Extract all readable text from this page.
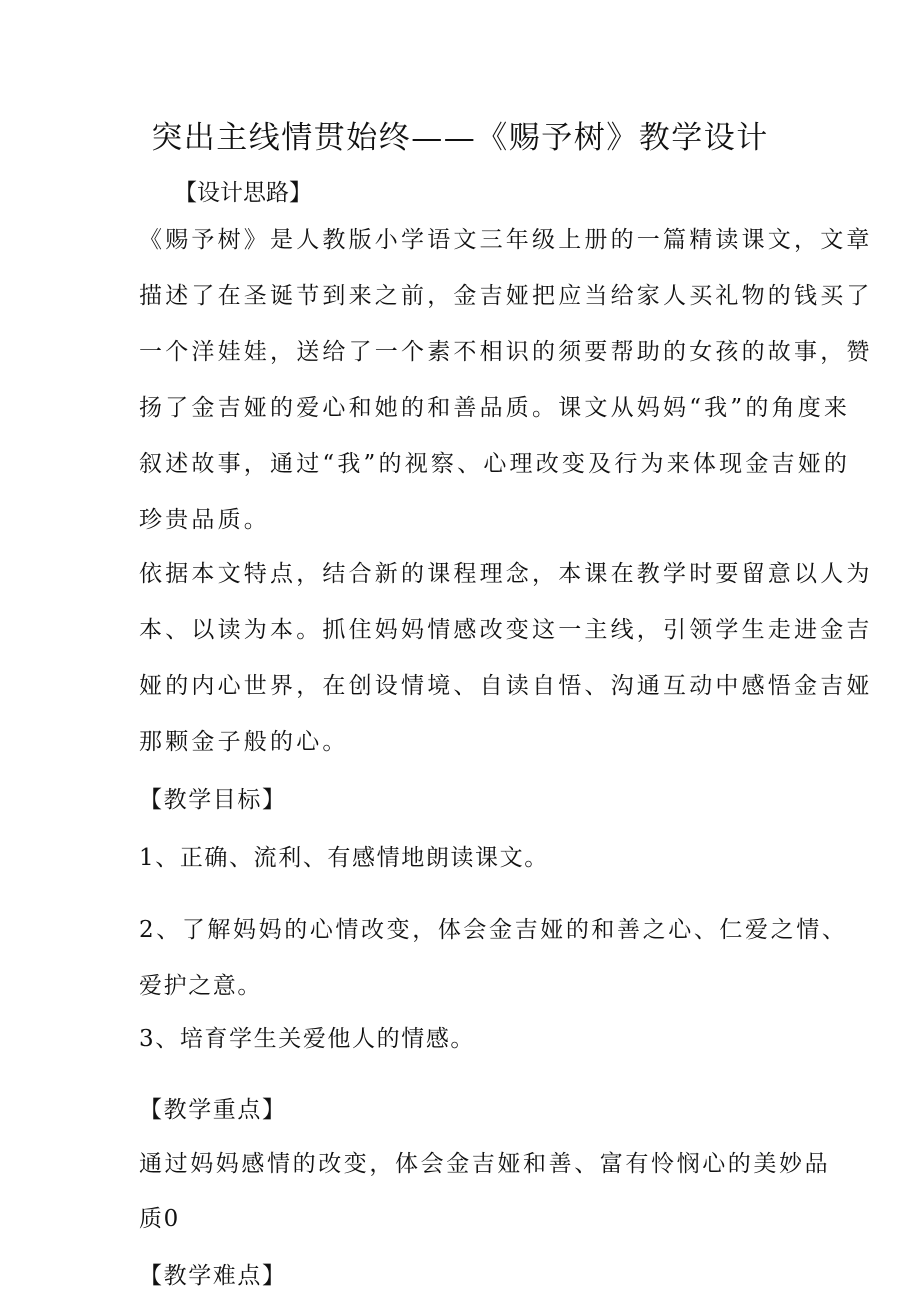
突出主线情贯始终——《赐予树》教学设计

【设计思路】

《赐予树》是人教版小学语文三年级上册的一篇精读课文，文章

描述了在圣诞节到来之前，金吉娅把应当给家人买礼物的钱买了

一个洋娃娃，送给了一个素不相识的须要帮助的女孩的故事，赞

扬了金吉娅的爱心和她的和善品质。课文从妈妈“我”的角度来

叙述故事，通过“我”的视察、心理改变及行为来体现金吉娅的

珍贵品质。

依据本文特点，结合新的课程理念，本课在教学时要留意以人为

本、以读为本。抓住妈妈情感改变这一主线，引领学生走进金吉

娅的内心世界，在创设情境、自读自悟、沟通互动中感悟金吉娅

那颗金子般的心。

【教学目标】

1、正确、流利、有感情地朗读课文。

2、了解妈妈的心情改变，体会金吉娅的和善之心、仁爱之情、

爱护之意。

3、培育学生关爱他人的情感。

【教学重点】

通过妈妈感情的改变，体会金吉娅和善、富有怜悯心的美妙品

质0

【教学难点】
